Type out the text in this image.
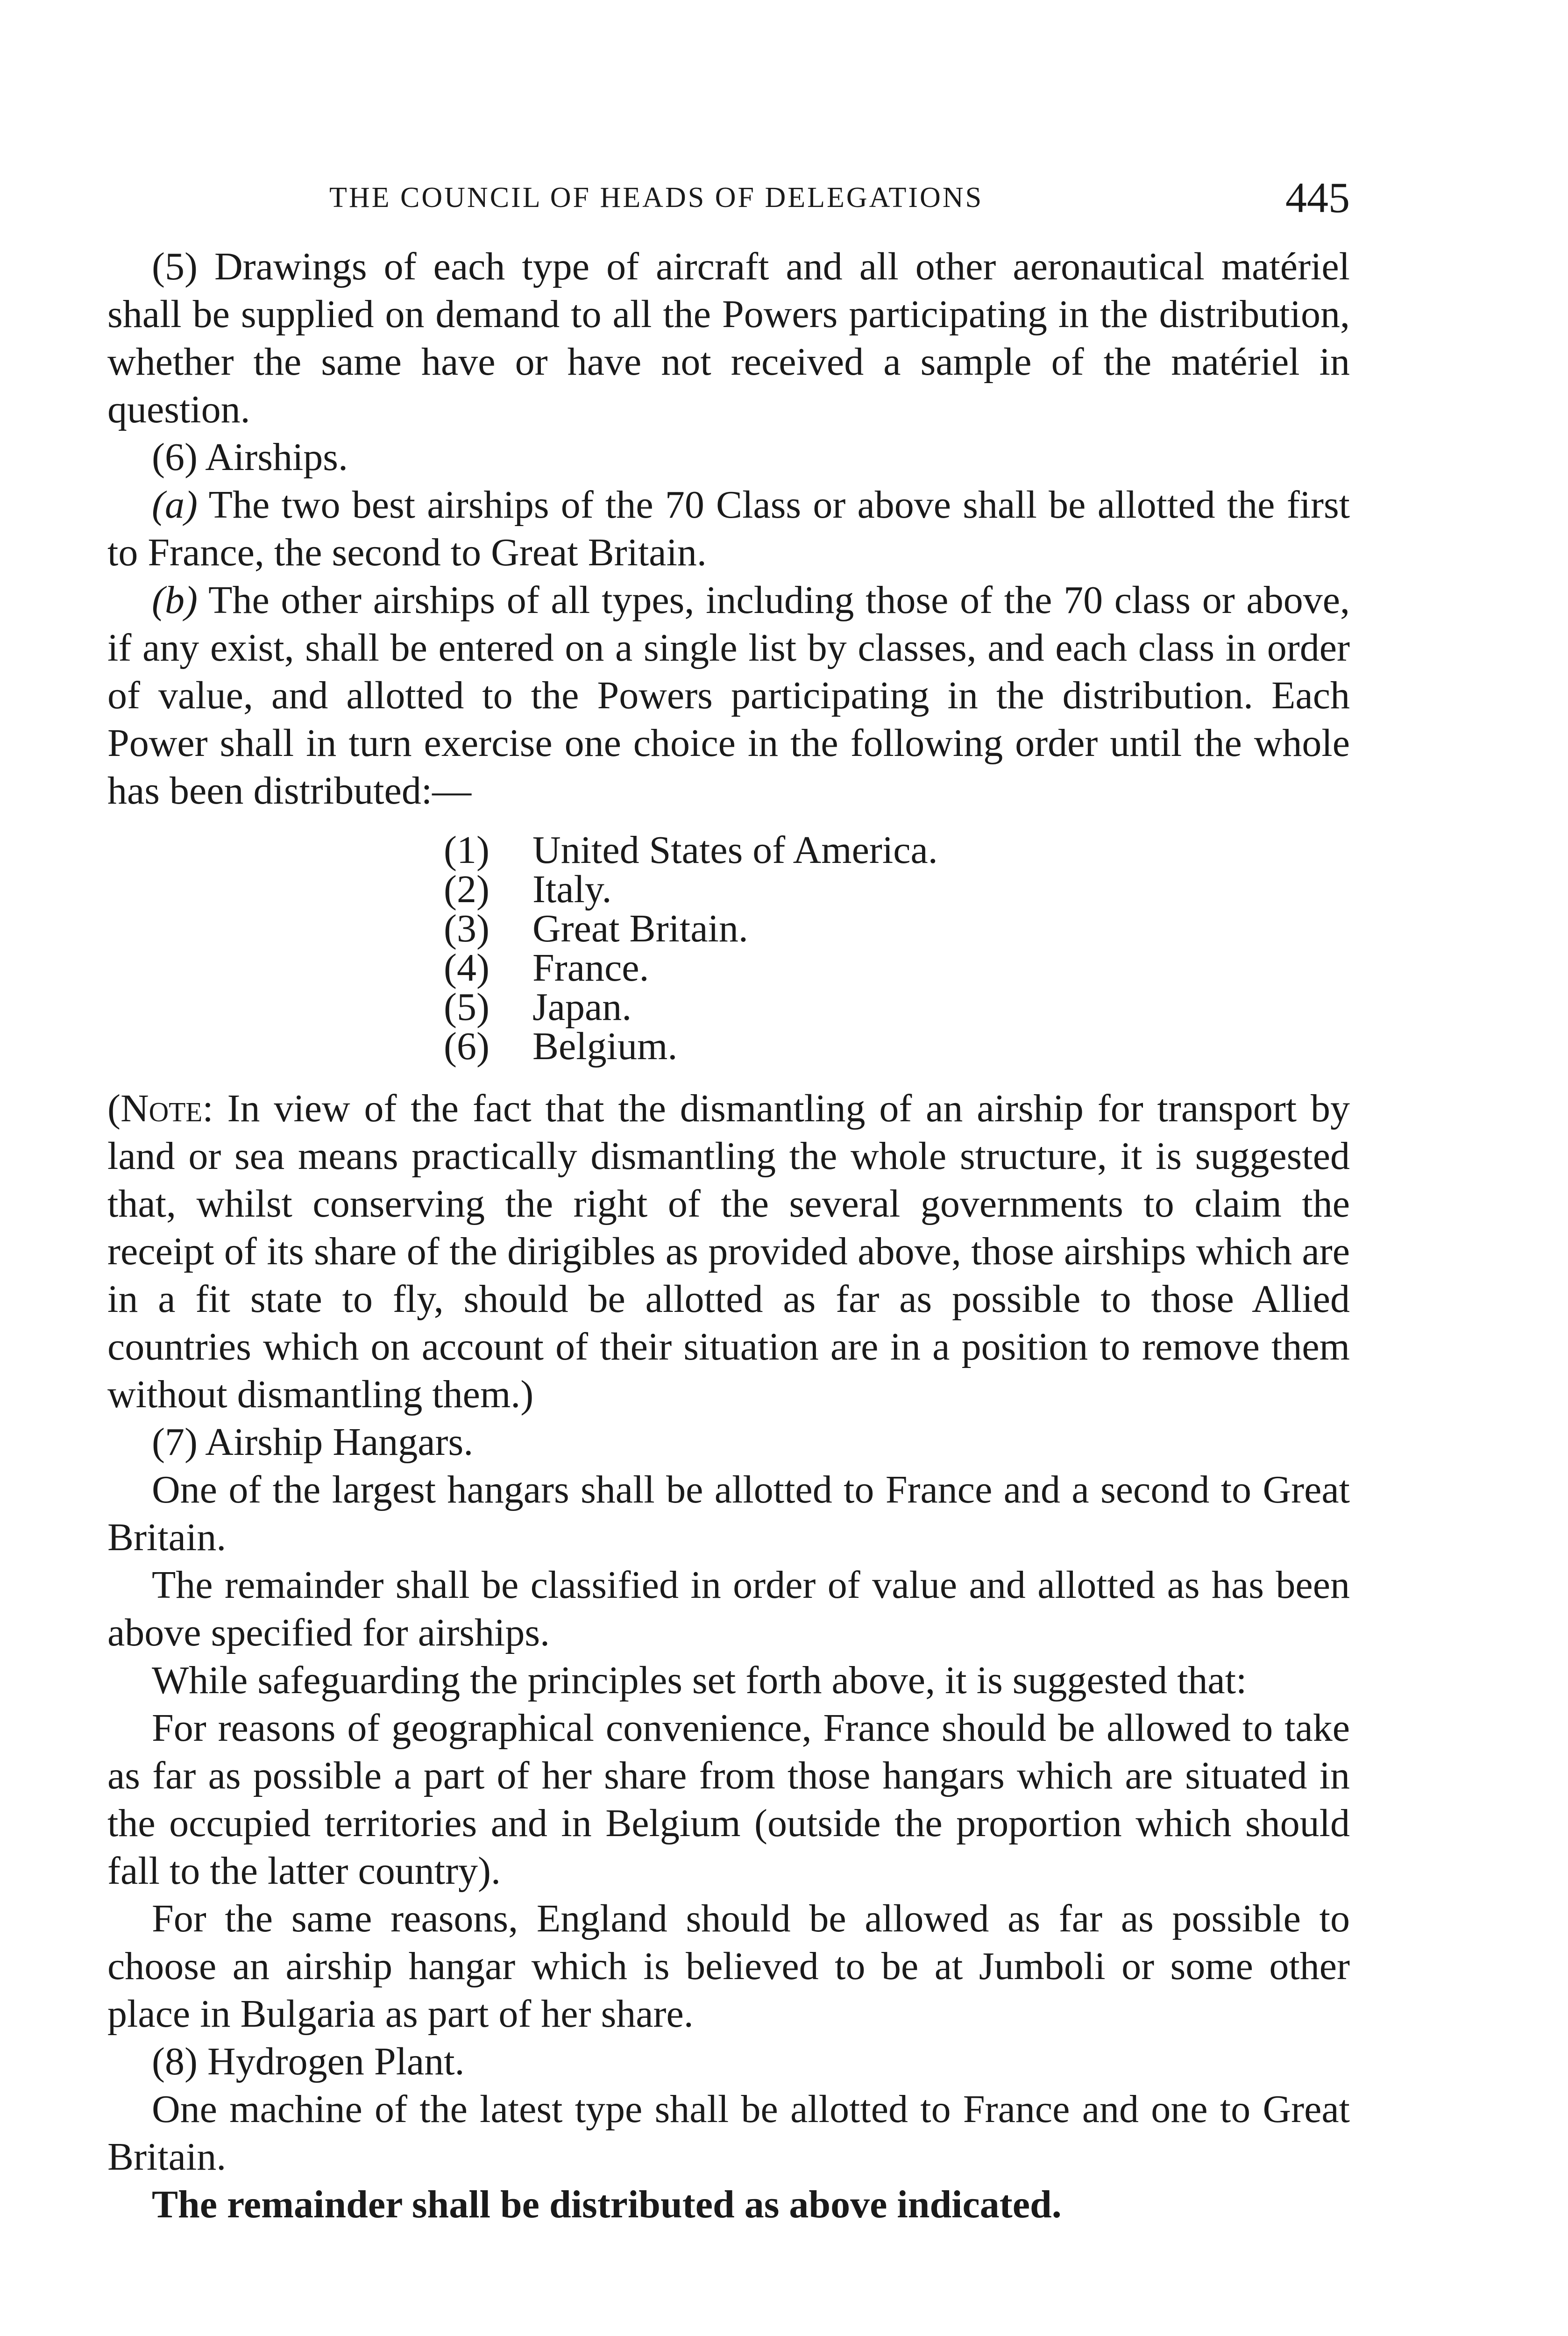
THE COUNCIL OF HEADS OF DELEGATIONS	445

(5) Drawings of each type of aircraft and all other aeronautical matériel shall be supplied on demand to all the Powers participating in the distribution, whether the same have or have not received a sample of the matériel in question.

(6) Airships.

(a) The two best airships of the 70 Class or above shall be allotted the first to France, the second to Great Britain.

(b) The other airships of all types, including those of the 70 class or above, if any exist, shall be entered on a single list by classes, and each class in order of value, and allotted to the Powers participating in the distribution. Each Power shall in turn exercise one choice in the following order until the whole has been distributed:—

(1)	United States of America.
(2)	Italy.
(3)	Great Britain.
(4)	France.
(5)	Japan.
(6)	Belgium.

(Note: In view of the fact that the dismantling of an airship for transport by land or sea means practically dismantling the whole structure, it is suggested that, whilst conserving the right of the several governments to claim the receipt of its share of the dirigibles as provided above, those airships which are in a fit state to fly, should be allotted as far as possible to those Allied countries which on account of their situation are in a position to remove them without dismantling them.)

(7) Airship Hangars.

One of the largest hangars shall be allotted to France and a second to Great Britain.

The remainder shall be classified in order of value and allotted as has been above specified for airships.

While safeguarding the principles set forth above, it is suggested that:

For reasons of geographical convenience, France should be allowed to take as far as possible a part of her share from those hangars which are situated in the occupied territories and in Belgium (outside the proportion which should fall to the latter country).

For the same reasons, England should be allowed as far as possible to choose an airship hangar which is believed to be at Jumboli or some other place in Bulgaria as part of her share.

(8) Hydrogen Plant.

One machine of the latest type shall be allotted to France and one to Great Britain.

The remainder shall be distributed as above indicated.
